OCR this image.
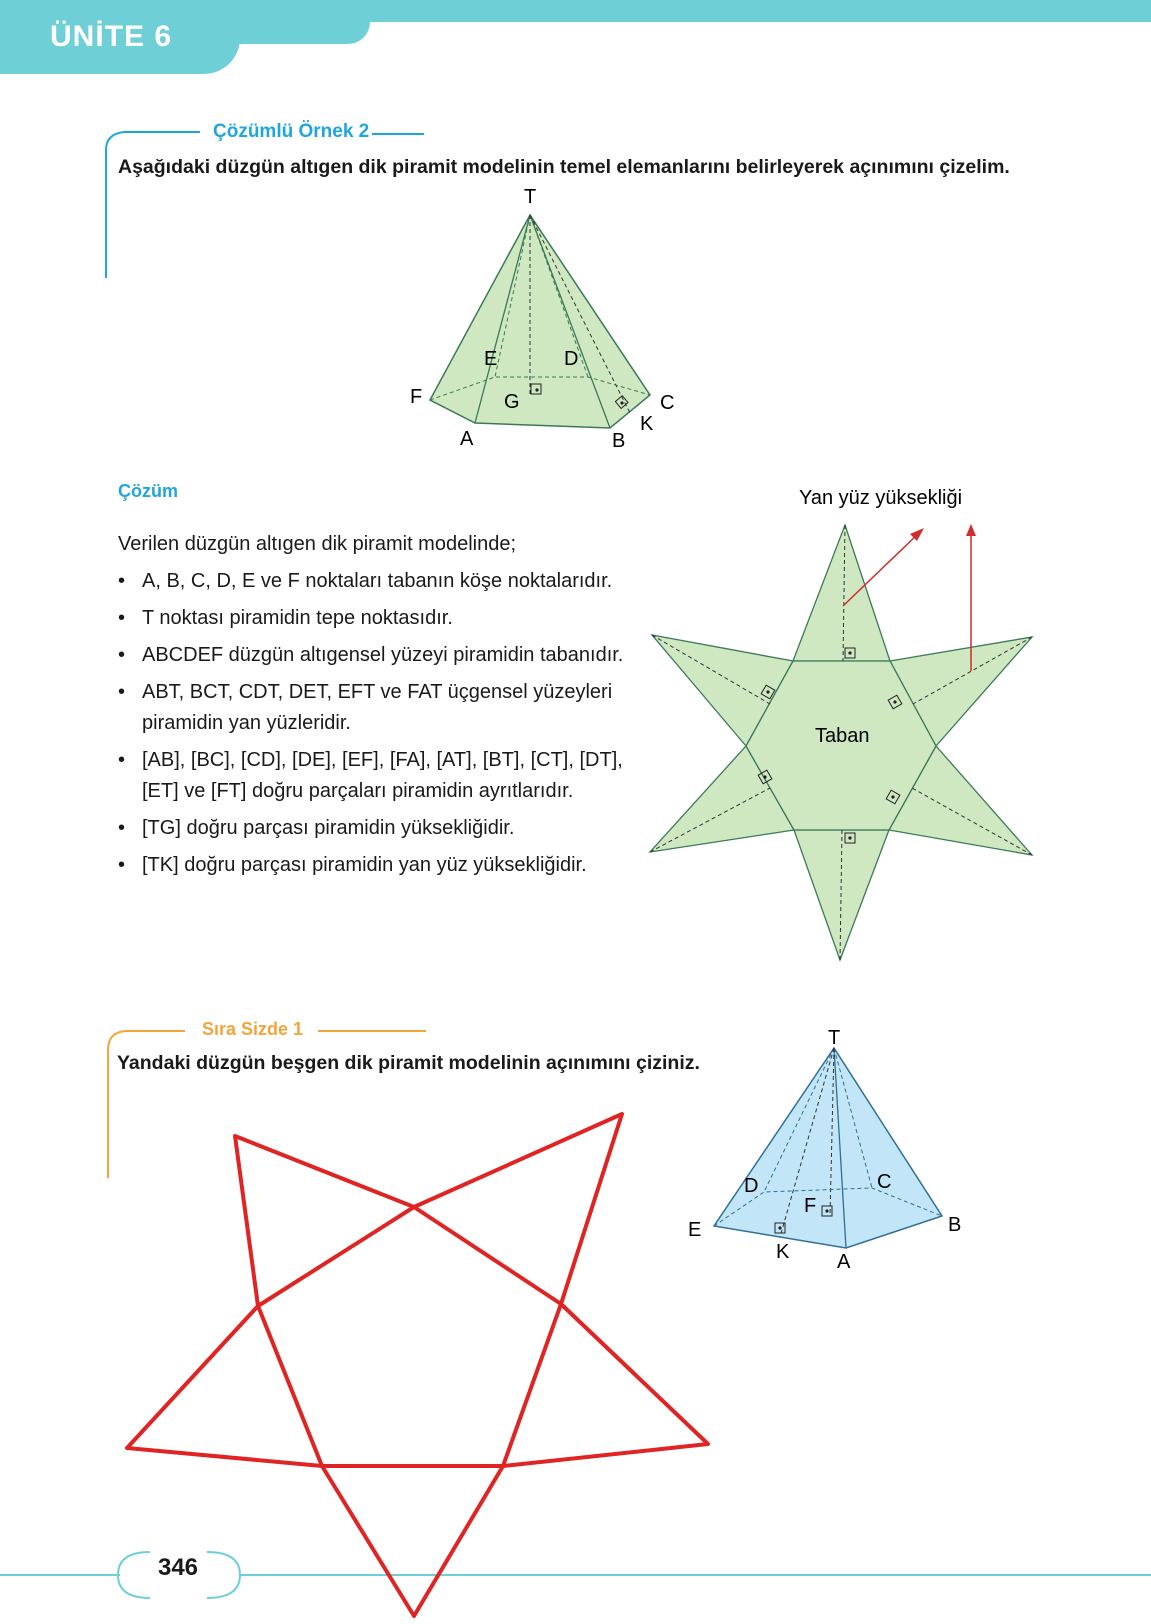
ÜNİTE 6
Çözümlü Örnek 2
Aşağıdaki düzgün altıgen dik piramit modelinin temel elemanlarını belirleyerek açınımını çizelim.
T
E	D
F	G	C
K
A	B
Çözüm
Verilen düzgün altıgen dik piramit modelinde;
• A, B, C, D, E ve F noktaları tabanın köşe noktalarıdır.
• T noktası piramidin tepe noktasıdır.
• ABCDEF düzgün altıgensel yüzeyi piramidin tabanıdır.
• ABT, BCT, CDT, DET, EFT ve FAT üçgensel yüzeyleri piramidin yan yüzleridir.
• [AB], [BC], [CD], [DE], [EF], [FA], [AT], [BT], [CT], [DT], [ET] ve [FT] doğru parçaları piramidin ayrıtlarıdır.
• [TG] doğru parçası piramidin yüksekliğidir.
• [TK] doğru parçası piramidin yan yüz yüksekliğidir.
Yan yüz yüksekliği
Taban
Sıra Sizde 1
Yandaki düzgün beşgen dik piramit modelinin açınımını çiziniz.
T
D	C
F
E	B
K A
346
